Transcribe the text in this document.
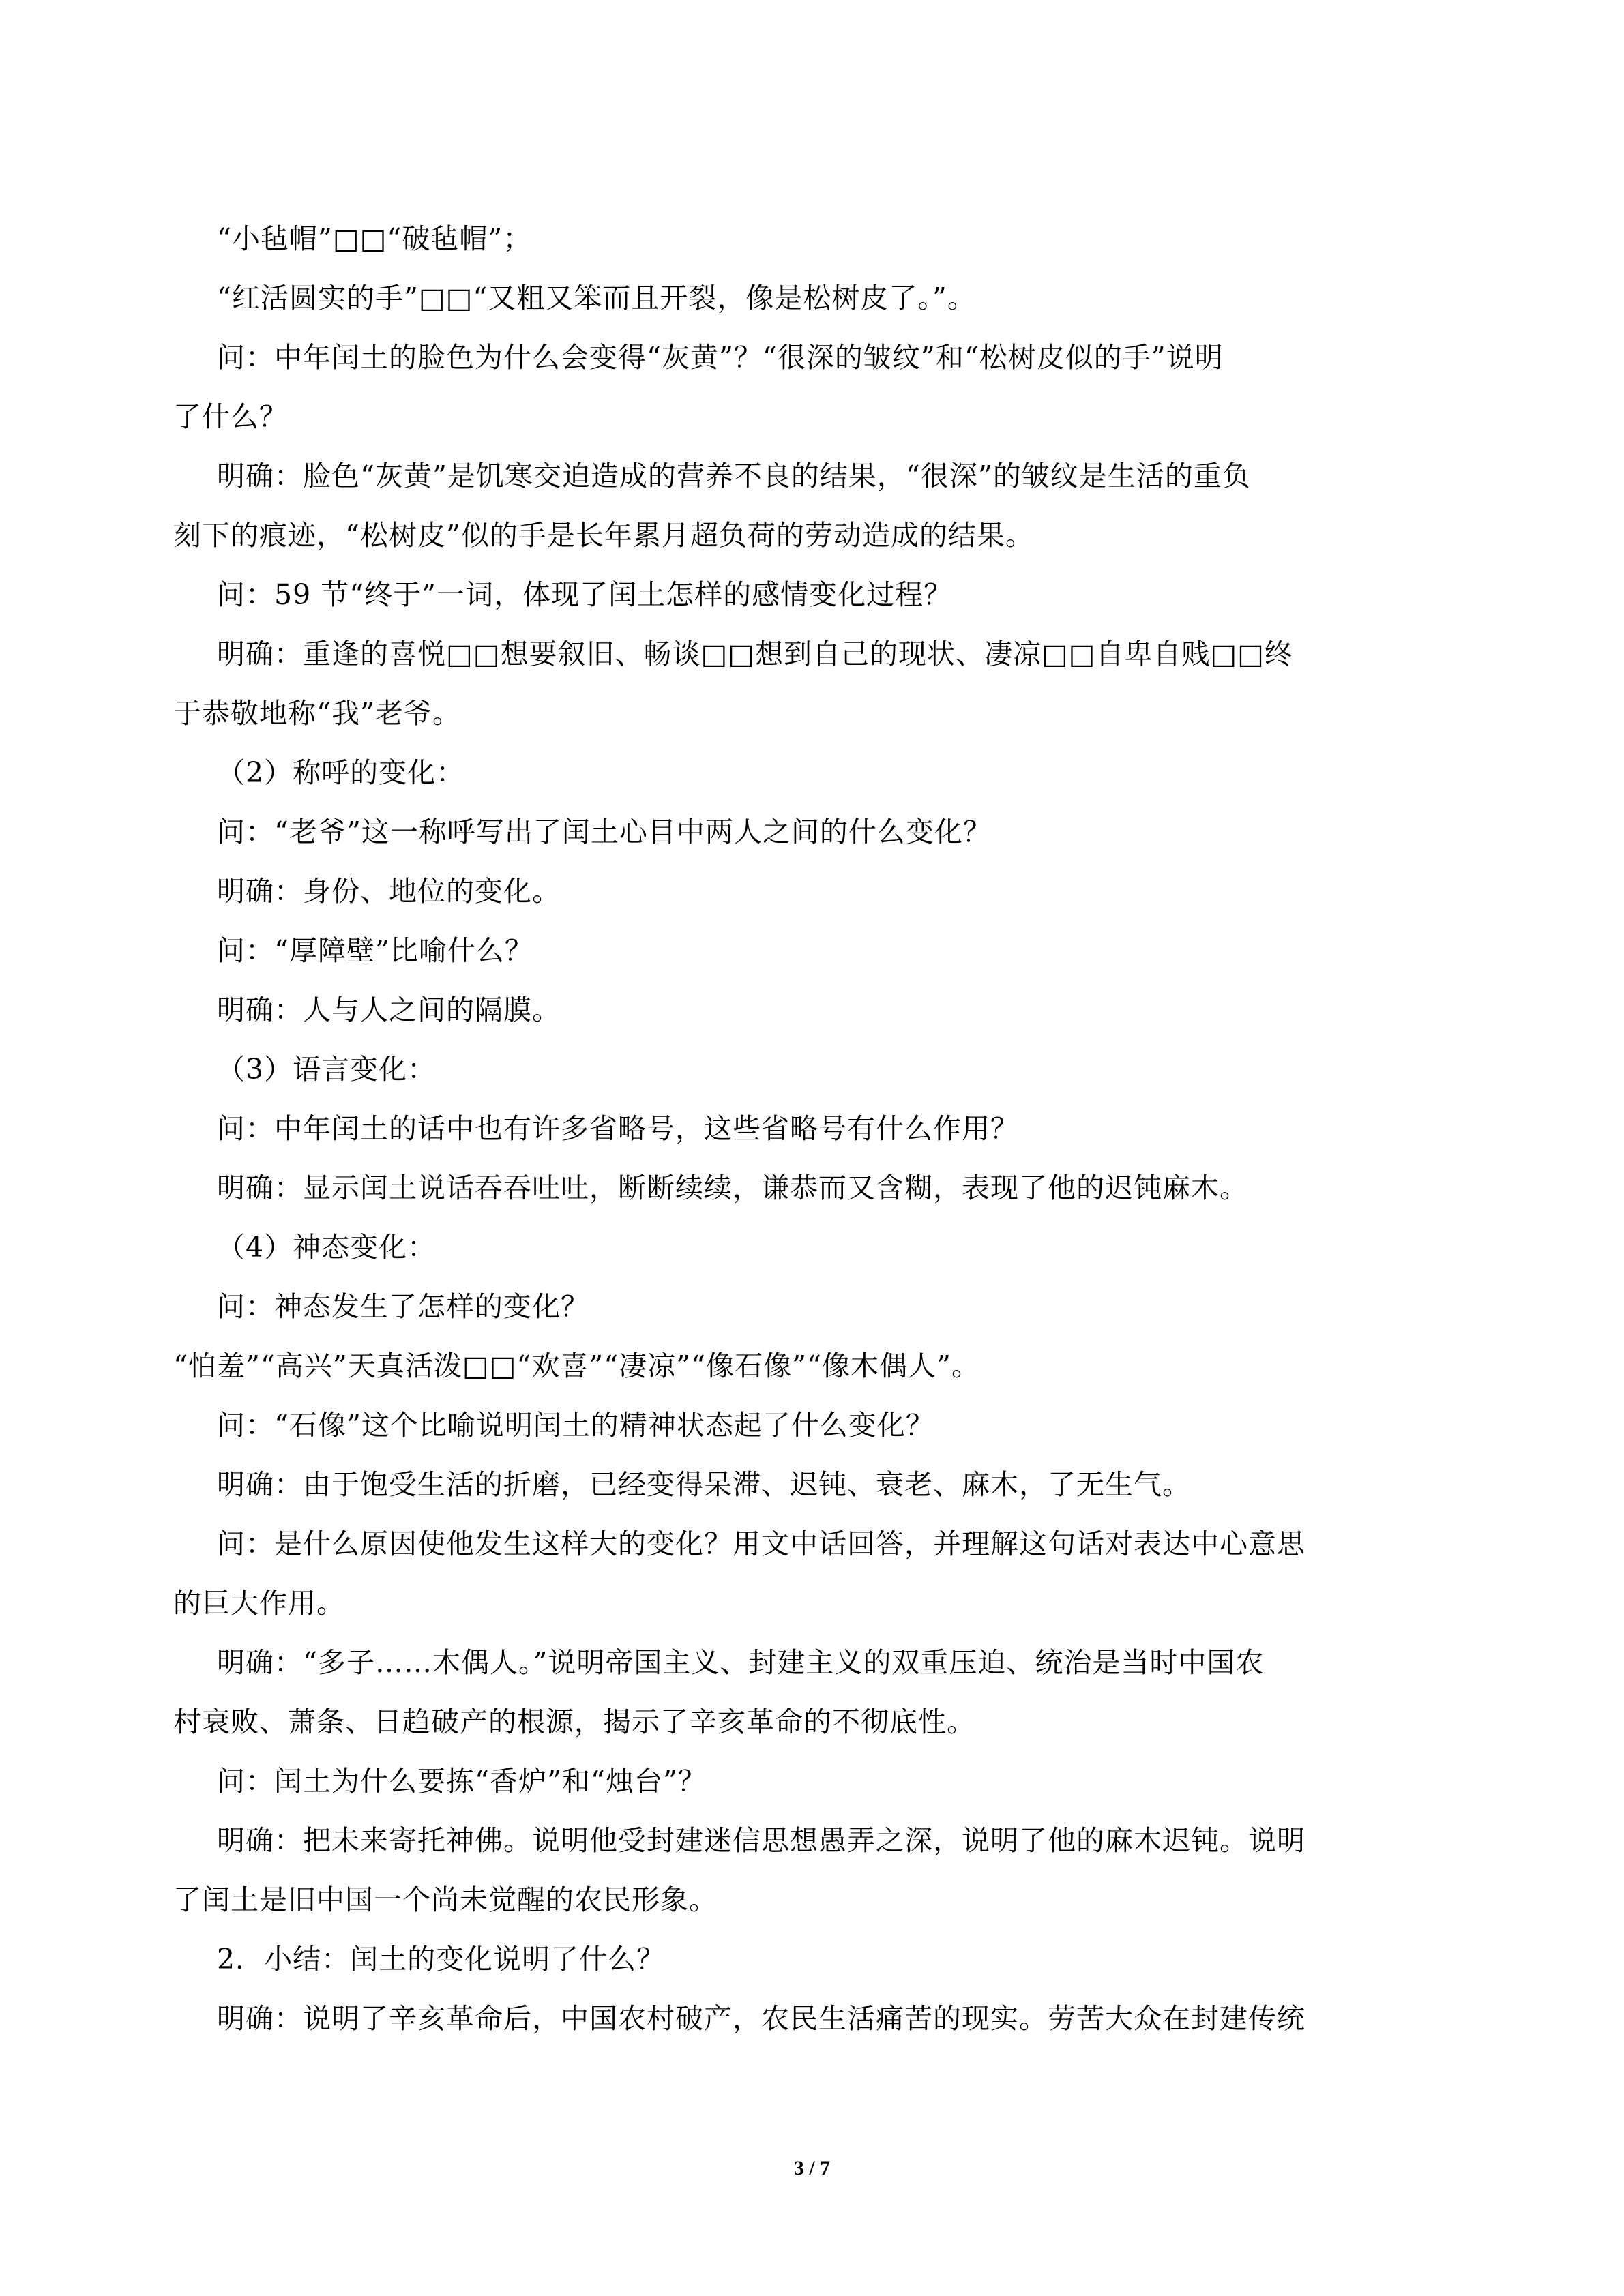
“小毡帽”□□“破毡帽”；
“红活圆实的手”□□“又粗又笨而且开裂，像是松树皮了。”。
问：中年闰土的脸色为什么会变得“灰黄”？“很深的皱纹”和“松树皮似的手”说明
了什么？
明确：脸色“灰黄”是饥寒交迫造成的营养不良的结果，“很深”的皱纹是生活的重负
刻下的痕迹，“松树皮”似的手是长年累月超负荷的劳动造成的结果。
问：59 节“终于”一词，体现了闰土怎样的感情变化过程？
明确：重逢的喜悦□□想要叙旧、畅谈□□想到自己的现状、凄凉□□自卑自贱□□终
于恭敬地称“我”老爷。
（2）称呼的变化：
问：“老爷”这一称呼写出了闰土心目中两人之间的什么变化？
明确：身份、地位的变化。
问：“厚障壁”比喻什么？
明确：人与人之间的隔膜。
（3）语言变化：
问：中年闰土的话中也有许多省略号，这些省略号有什么作用？
明确：显示闰土说话吞吞吐吐，断断续续，谦恭而又含糊，表现了他的迟钝麻木。
（4）神态变化：
问：神态发生了怎样的变化？
“怕羞”“高兴”天真活泼□□“欢喜”“凄凉”“像石像”“像木偶人”。
问：“石像”这个比喻说明闰土的精神状态起了什么变化？
明确：由于饱受生活的折磨，已经变得呆滞、迟钝、衰老、麻木，了无生气。
问：是什么原因使他发生这样大的变化？用文中话回答，并理解这句话对表达中心意思
的巨大作用。
明确：“多子……木偶人。”说明帝国主义、封建主义的双重压迫、统治是当时中国农
村衰败、萧条、日趋破产的根源，揭示了辛亥革命的不彻底性。
问：闰土为什么要拣“香炉”和“烛台”？
明确：把未来寄托神佛。说明他受封建迷信思想愚弄之深，说明了他的麻木迟钝。说明
了闰土是旧中国一个尚未觉醒的农民形象。
2．小结：闰土的变化说明了什么？
明确：说明了辛亥革命后，中国农村破产，农民生活痛苦的现实。劳苦大众在封建传统
3 / 7
